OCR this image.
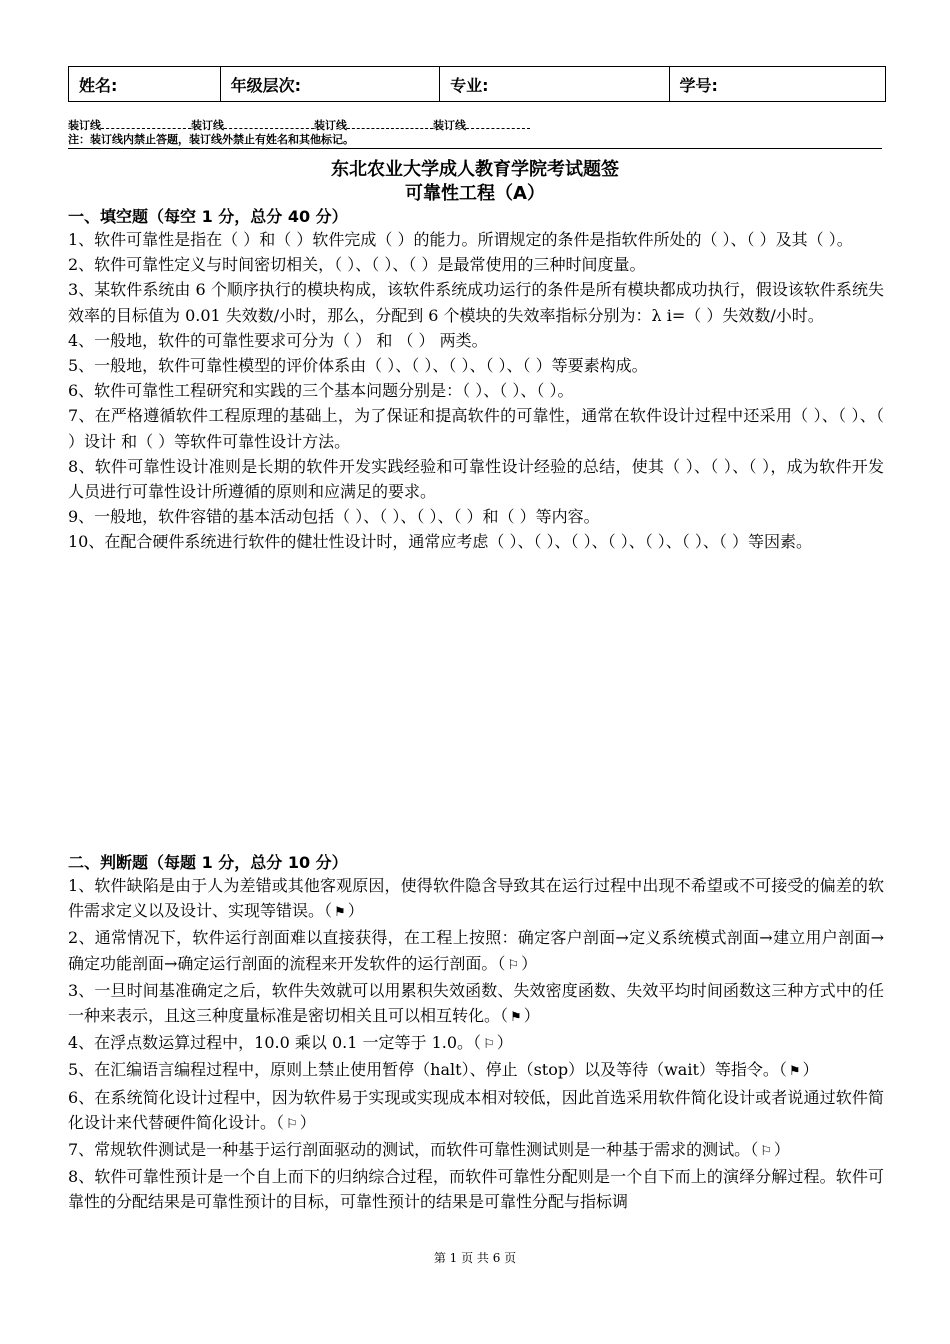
姓名:	年级层次:	专业:	学号:
装订线	装订线	装订线	装订线
注：装订线内禁止答题，装订线外禁止有姓名和其他标记。
东北农业大学成人教育学院考试题签
可靠性工程（A）
一、填空题（每空 1 分，总分 40 分）

1、软件可靠性是指在（ ）和（ ）软件完成（ ）的能力。所谓规定的条件是指软件所处的（ ）、（ ）及其（ ）。

2、软件可靠性定义与时间密切相关，（ ）、（ ）、（ ）是最常使用的三种时间度量。

3、某软件系统由 6 个顺序执行的模块构成，该软件系统成功运行的条件是所有模块都成功执行，假设该软件系统失效率的目标值为 0.01 失效数/小时，那么，分配到 6 个模块的失效率指标分别为：λ i=（ ）失效数/小时。

4、一般地，软件的可靠性要求可分为（ ） 和 （ ） 两类。

5、一般地，软件可靠性模型的评价体系由（ ）、（ ）、（ ）、（ ）、（ ）等要素构成。

6、软件可靠性工程研究和实践的三个基本问题分别是：（ ）、（ ）、（ ）。

7、在严格遵循软件工程原理的基础上，为了保证和提高软件的可靠性，通常在软件设计过程中还采用（ ）、（ ）、（ ）设计 和（ ）等软件可靠性设计方法。

8、软件可靠性设计准则是长期的软件开发实践经验和可靠性设计经验的总结，使其（ ）、（ ）、（ ），成为软件开发人员进行可靠性设计所遵循的原则和应满足的要求。

9、一般地，软件容错的基本活动包括（ ）、（ ）、（ ）、（ ）和（ ）等内容。

10、在配合硬件系统进行软件的健壮性设计时，通常应考虑（ ）、（ ）、（ ）、（ ）、（ ）、（ ）、（ ）等因素。

二、判断题（每题 1 分，总分 10 分）

1、软件缺陷是由于人为差错或其他客观原因，使得软件隐含导致其在运行过程中出现不希望或不可接受的偏差的软件需求定义以及设计、实现等错误。（ ⚑ ）

2、通常情况下，软件运行剖面难以直接获得，在工程上按照：确定客户剖面→定义系统模式剖面→建立用户剖面→确定功能剖面→确定运行剖面的流程来开发软件的运行剖面。（ ⚐ ）

3、一旦时间基准确定之后，软件失效就可以用累积失效函数、失效密度函数、失效平均时间函数这三种方式中的任一种来表示，且这三种度量标准是密切相关且可以相互转化。（ ⚑ ）

4、在浮点数运算过程中，10.0 乘以 0.1 一定等于 1.0。（ ⚐ ）

5、在汇编语言编程过程中，原则上禁止使用暂停（halt）、停止（stop）以及等待（wait）等指令。（ ⚑ ）

6、在系统简化设计过程中，因为软件易于实现或实现成本相对较低，因此首选采用软件简化设计或者说通过软件简化设计来代替硬件简化设计。（ ⚐ ）

7、常规软件测试是一种基于运行剖面驱动的测试，而软件可靠性测试则是一种基于需求的测试。（ ⚐ ）

8、软件可靠性预计是一个自上而下的归纳综合过程，而软件可靠性分配则是一个自下而上的演绎分解过程。软件可靠性的分配结果是可靠性预计的目标，可靠性预计的结果是可靠性分配与指标调

第 1 页 共 6 页
